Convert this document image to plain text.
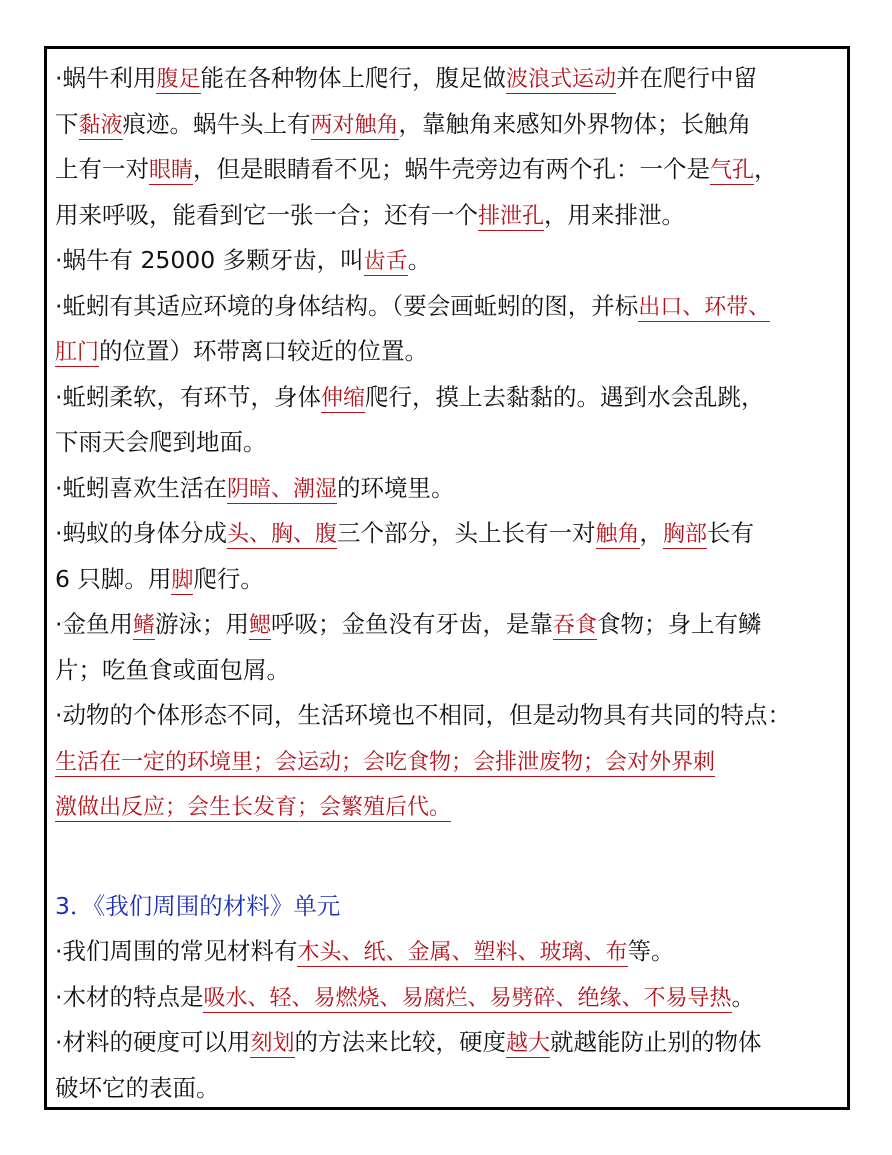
·蜗牛利用腹足能在各种物体上爬行，腹足做波浪式运动并在爬行中留
下黏液痕迹。蜗牛头上有两对触角，靠触角来感知外界物体；长触角
上有一对眼睛，但是眼睛看不见；蜗牛壳旁边有两个孔：一个是气孔，
用来呼吸，能看到它一张一合；还有一个排泄孔，用来排泄。
·蜗牛有 25000 多颗牙齿，叫齿舌。
·蚯蚓有其适应环境的身体结构。（要会画蚯蚓的图，并标出口、环带、
肛门的位置）环带离口较近的位置。
·蚯蚓柔软，有环节，身体伸缩爬行，摸上去黏黏的。遇到水会乱跳，
下雨天会爬到地面。
·蚯蚓喜欢生活在阴暗、潮湿的环境里。
·蚂蚁的身体分成头、胸、腹三个部分，头上长有一对触角，胸部长有
6 只脚。用脚爬行。
·金鱼用鳍游泳；用鳃呼吸；金鱼没有牙齿，是靠吞食食物；身上有鳞
片；吃鱼食或面包屑。
·动物的个体形态不同，生活环境也不相同，但是动物具有共同的特点：
生活在一定的环境里；会运动；会吃食物；会排泄废物；会对外界刺
激做出反应；会生长发育；会繁殖后代。
3．《我们周围的材料》单元
·我们周围的常见材料有木头、纸、金属、塑料、玻璃、布等。
·木材的特点是吸水、轻、易燃烧、易腐烂、易劈碎、绝缘、不易导热。
·材料的硬度可以用刻划的方法来比较，硬度越大就越能防止别的物体
破坏它的表面。
